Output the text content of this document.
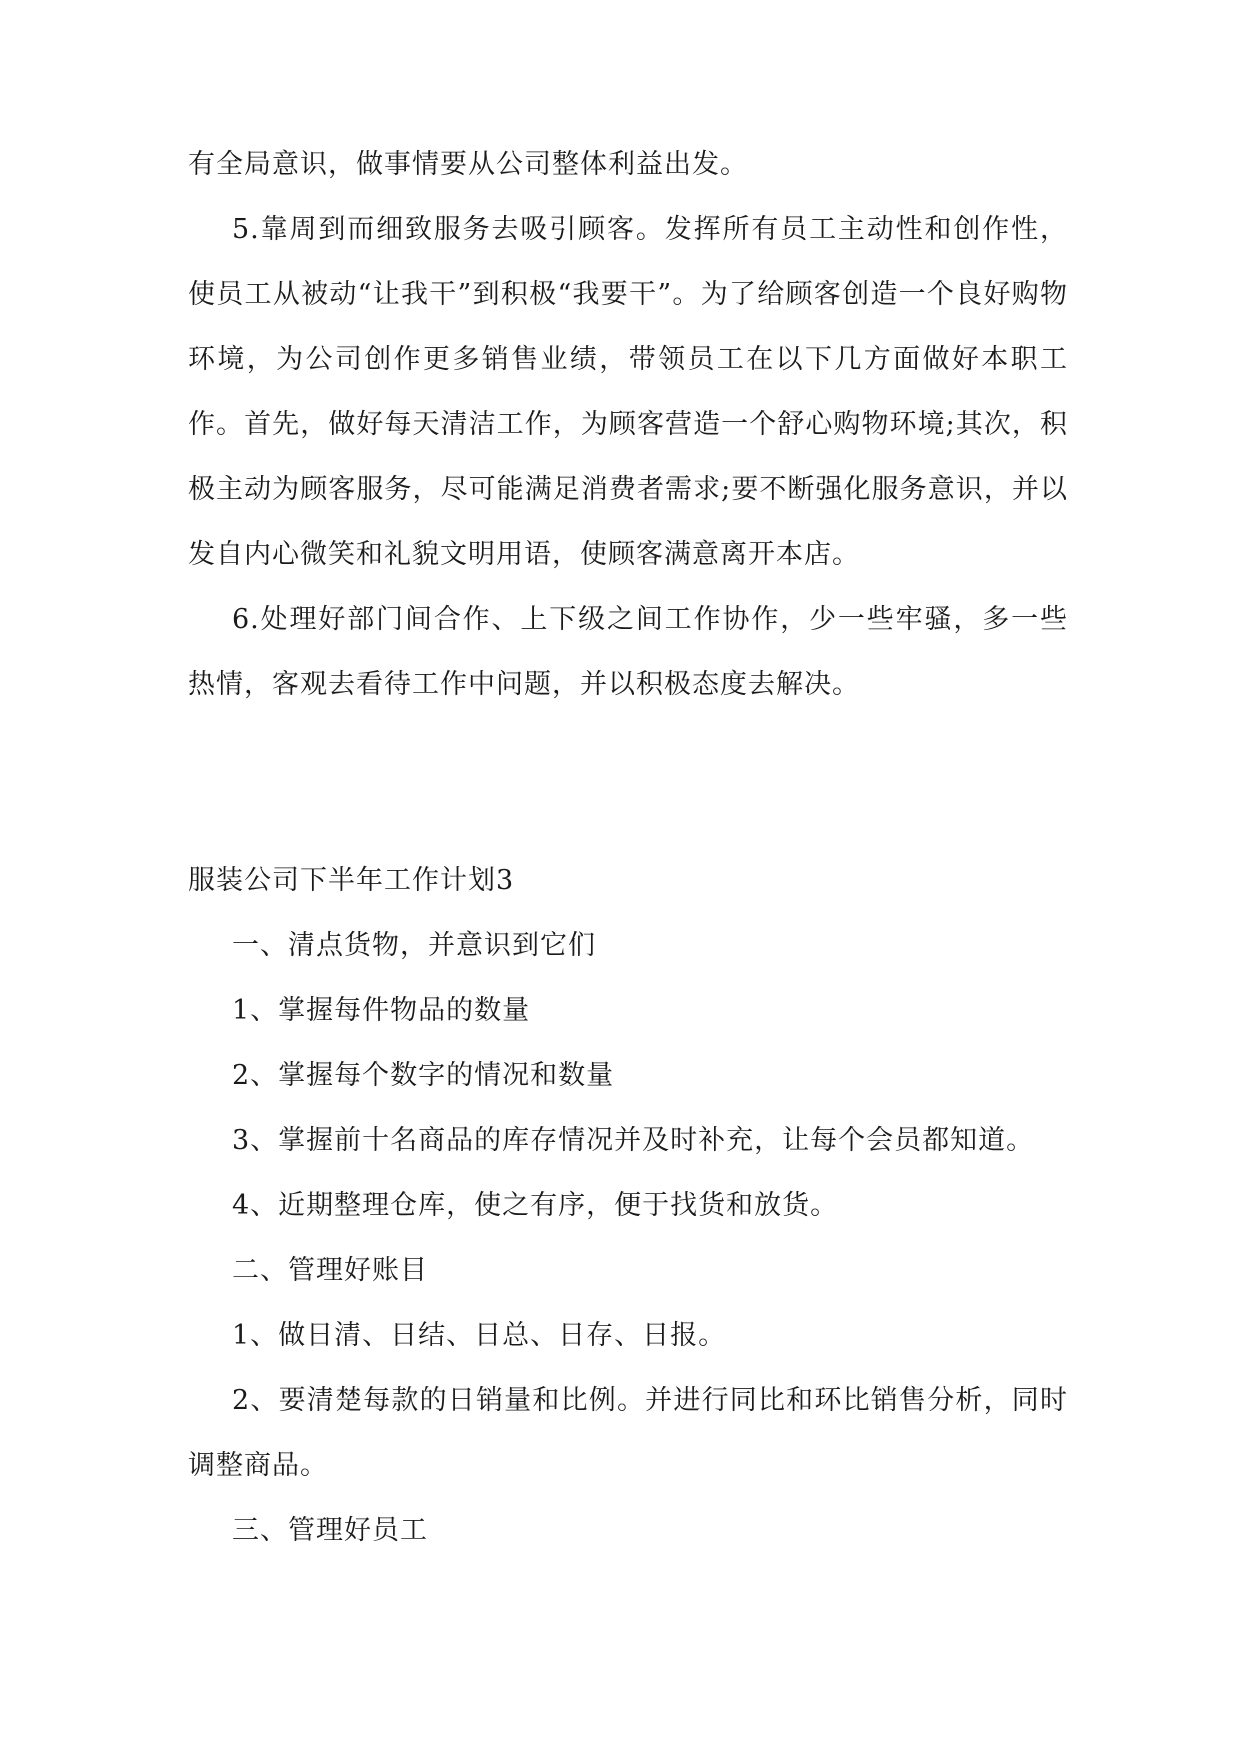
有全局意识，做事情要从公司整体利益出发。

5.靠周到而细致服务去吸引顾客。发挥所有员工主动性和创作性，使员工从被动“让我干”到积极“我要干”。为了给顾客创造一个良好购物环境，为公司创作更多销售业绩，带领员工在以下几方面做好本职工作。首先，做好每天清洁工作，为顾客营造一个舒心购物环境;其次，积极主动为顾客服务，尽可能满足消费者需求;要不断强化服务意识，并以发自内心微笑和礼貌文明用语，使顾客满意离开本店。

6.处理好部门间合作、上下级之间工作协作，少一些牢骚，多一些热情，客观去看待工作中问题，并以积极态度去解决。

服装公司下半年工作计划3

一、清点货物，并意识到它们

1、掌握每件物品的数量

2、掌握每个数字的情况和数量

3、掌握前十名商品的库存情况并及时补充，让每个会员都知道。

4、近期整理仓库，使之有序，便于找货和放货。

二、管理好账目

1、做日清、日结、日总、日存、日报。

2、要清楚每款的日销量和比例。并进行同比和环比销售分析，同时调整商品。

三、管理好员工
